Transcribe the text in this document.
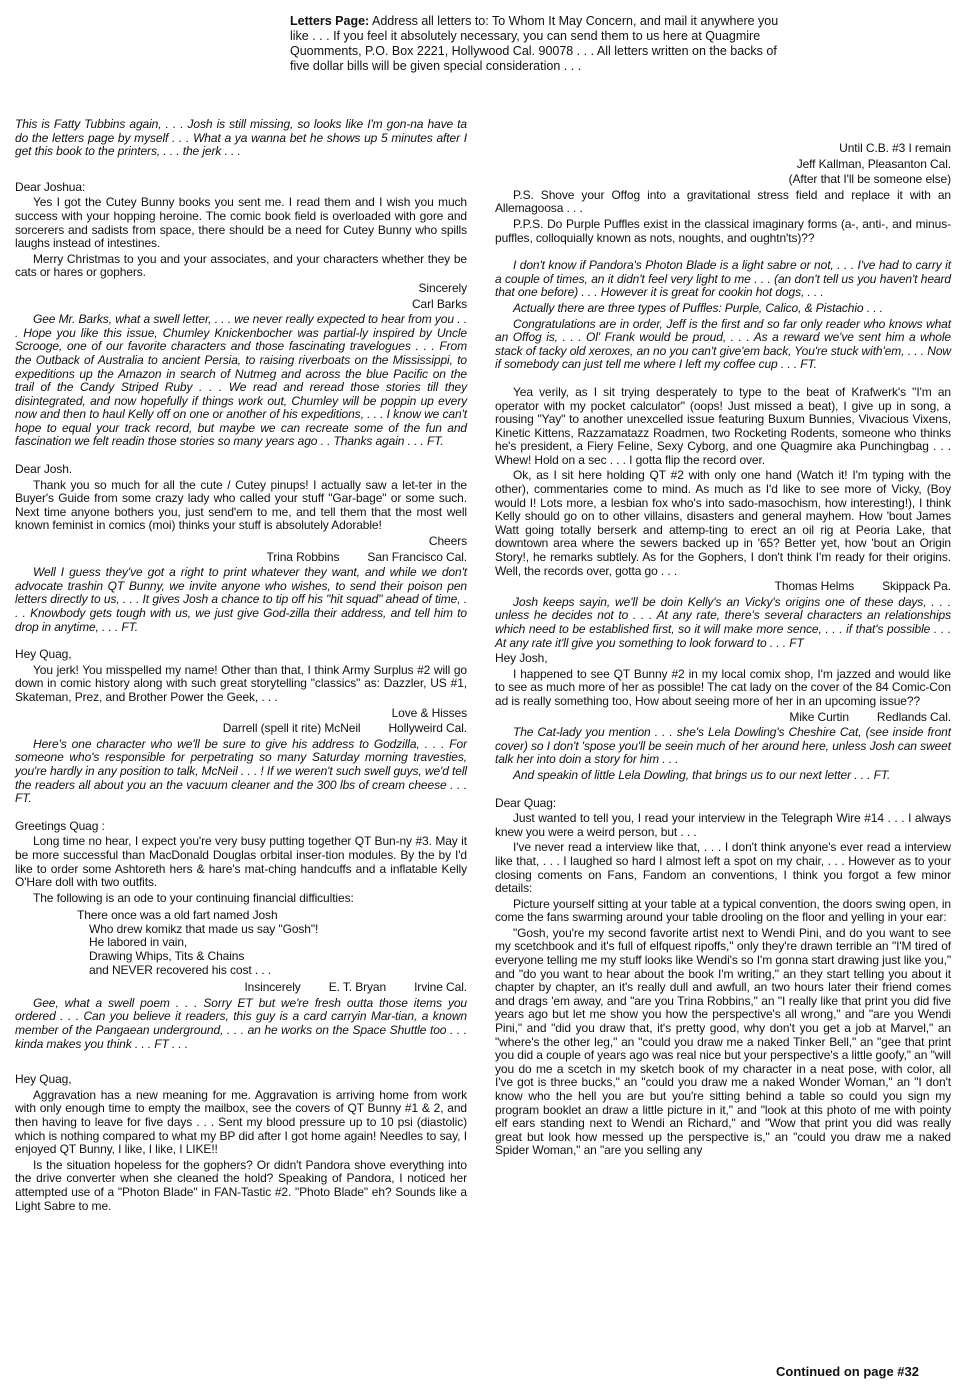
Letters Page: Address all letters to: To Whom It May Concern, and mail it anywhere you like . . . If you feel it absolutely necessary, you can send them to us here at Quagmire Quomments, P.O. Box 2221, Hollywood Cal. 90078 . . . All letters written on the backs of five dollar bills will be given special consideration . . .
This is Fatty Tubbins again, . . . Josh is still missing, so looks like I'm gon-na have ta do the letters page by myself . . . What a ya wanna bet he shows up 5 minutes after I get this book to the printers, . . . the jerk . . .
Dear Joshua:
Yes I got the Cutey Bunny books you sent me. I read them and I wish you much success with your hopping heroine. The comic book field is overloaded with gore and sorcerers and sadists from space, there should be a need for Cutey Bunny who spills laughs instead of intestines.
Merry Christmas to you and your associates, and your characters whether they be cats or hares or gophers.
Sincerely
Carl Barks
Gee Mr. Barks, what a swell letter, . . . we never really expected to hear from you . . . Hope you like this issue, Chumley Knickenbocher was partial-ly inspired by Uncle Scrooge, one of our favorite characters and those fascinating travelogues . . . From the Outback of Australia to ancient Persia, to raising riverboats on the Mississippi, to expeditions up the Amazon in search of Nutmeg and across the blue Pacific on the trail of the Candy Striped Ruby . . . We read and reread those stories till they disintegrated, and now hopefully if things work out, Chumley will be poppin up every now and then to haul Kelly off on one or another of his expeditions, . . . I know we can't hope to equal your track record, but maybe we can recreate some of the fun and fascination we felt readin those stories so many years ago . . Thanks again . . . FT.
Dear Josh.
Thank you so much for all the cute / Cutey pinups! I actually saw a let-ter in the Buyer's Guide from some crazy lady who called your stuff "Gar-bage" or some such. Next time anyone bothers you, just send'em to me, and tell them that the most well known feminist in comics (moi) thinks your stuff is absolutely Adorable!
Cheers
Trina Robbins San Francisco Cal.
Well I guess they've got a right to print whatever they want, and while we don't advocate trashin QT Bunny, we invite anyone who wishes, to send their poison pen letters directly to us, . . . It gives Josh a chance to tip off his "hit squad" ahead of time, . . . Knowbody gets tough with us, we just give God-zilla their address, and tell him to drop in anytime, . . . FT.
Hey Quag,
You jerk! You misspelled my name! Other than that, I think Army Surplus #2 will go down in comic history along with such great storytelling "classics" as: Dazzler, US #1, Skateman, Prez, and Brother Power the Geek, . . .
Love & Hisses
Darrell (spell it rite) McNeil Hollyweird Cal.
Here's one character who we'll be sure to give his address to Godzilla, . . . For someone who's responsible for perpetrating so many Saturday morning travesties, you're hardly in any position to talk, McNeil . . . ! If we weren't such swell guys, we'd tell the readers all about you an the vacuum cleaner and the 300 lbs of cream cheese . . . FT.
Greetings Quag :
Long time no hear, I expect you're very busy putting together QT Bun-ny #3. May it be more successful than MacDonald Douglas orbital inser-tion modules. By the by I'd like to order some Ashtoreth hers & hare's mat-ching handcuffs and a inflatable Kelly O'Hare doll with two outfits.
The following is an ode to your continuing financial difficulties:
There once was a old fart named Josh
Who drew komikz that made us say "Gosh"!
He labored in vain,
Drawing Whips, Tits & Chains
and NEVER recovered his cost . . .
Insincerely E. T. Bryan Irvine Cal.
Gee, what a swell poem . . . Sorry ET but we're fresh outta those items you ordered . . . Can you believe it readers, this guy is a card carryin Mar-tian, a known member of the Pangaean underground, . . . an he works on the Space Shuttle too . . . kinda makes you think . . . FT . . .
Hey Quag,
Aggravation has a new meaning for me. Aggravation is arriving home from work with only enough time to empty the mailbox, see the covers of QT Bunny #1 & 2, and then having to leave for five days . . . Sent my blood pressure up to 10 psi (diastolic) which is nothing compared to what my BP did after I got home again! Needles to say, I enjoyed QT Bunny, I like, I like, I LIKE!!
Is the situation hopeless for the gophers? Or didn't Pandora shove everything into the drive converter when she cleaned the hold? Speaking of Pandora, I noticed her attempted use of a "Photon Blade" in FAN-Tastic #2. "Photo Blade" eh? Sounds like a Light Sabre to me.
Until C.B. #3 I remain
Jeff Kallman, Pleasanton Cal.
(After that I'll be someone else)
P.S. Shove your Offog into a gravitational stress field and replace it with an Allemagoosa . . .
P.P.S. Do Purple Puffles exist in the classical imaginary forms (a-, anti-, and minus-puffles, colloquially known as nots, noughts, and oughtn'ts)??
I don't know if Pandora's Photon Blade is a light sabre or not, . . . I've had to carry it a couple of times, an it didn't feel very light to me . . . (an don't tell us you haven't heard that one before) . . . However it is great for cookin hot dogs, . . .
Actually there are three types of Puffles: Purple, Calico, & Pistachio . . .
Congratulations are in order, Jeff is the first and so far only reader who knows what an Offog is, . . . Ol' Frank would be proud, . . . As a reward we've sent him a whole stack of tacky old xeroxes, an no you can't give'em back, You're stuck with'em, . . . Now if somebody can just tell me where I left my coffee cup . . . FT.
Yea verily, as I sit trying desperately to type to the beat of Krafwerk's "I'm an operator with my pocket calculator" (oops! Just missed a beat), I give up in song, a rousing "Yay" to another unexcelled issue featuring Buxum Bunnies, Vivacious Vixens, Kinetic Kittens, Razzamatazz Roadmen, two Rocketing Rodents, someone who thinks he's president, a Fiery Feline, Sexy Cyborg, and one Quagmire aka Punchingbag . . . Whew! Hold on a sec . . . I gotta flip the record over.
Ok, as I sit here holding QT #2 with only one hand (Watch it! I'm typing with the other), commentaries come to mind. As much as I'd like to see more of Vicky, (Boy would I! Lots more, a lesbian fox who's into sado-masochism, how interesting!), I think Kelly should go on to other villains, disasters and general mayhem. How 'bout James Watt going totally berserk and attemp-ting to erect an oil rig at Peoria Lake, that downtown area where the sewers backed up in '65? Better yet, how 'bout an Origin Story!, he remarks subtlely. As for the Gophers, I don't think I'm ready for their origins. Well, the records over, gotta go . . .
Thomas Helms Skippack Pa.
Josh keeps sayin, we'll be doin Kelly's an Vicky's origins one of these days, . . . unless he decides not to . . . At any rate, there's several characters an relationships which need to be established first, so it will make more sence, . . . if that's possible . . . At any rate it'll give you something to look forward to . . . FT
Hey Josh,
I happened to see QT Bunny #2 in my local comix shop, I'm jazzed and would like to see as much more of her as possible! The cat lady on the cover of the 84 Comic-Con ad is really something too, How about seeing more of her in an upcoming issue??
Mike Curtin Redlands Cal.
The Cat-lady you mention . . . she's Lela Dowling's Cheshire Cat, (see inside front cover) so I don't 'spose you'll be seein much of her around here, unless Josh can sweet talk her into doin a story for him . . .
And speakin of little Lela Dowling, that brings us to our next letter . . . FT.
Dear Quag:
Just wanted to tell you, I read your interview in the Telegraph Wire #14 . . . I always knew you were a weird person, but . . .
I've never read a interview like that, . . . I don't think anyone's ever read a interview like that, . . . I laughed so hard I almost left a spot on my chair, . . . However as to your closing coments on Fans, Fandom an conventions, I think you forgot a few minor details:
Picture yourself sitting at your table at a typical convention, the doors swing open, in come the fans swarming around your table drooling on the floor and yelling in your ear:
"Gosh, you're my second favorite artist next to Wendi Pini, and do you want to see my scetchbook and it's full of elfquest ripoffs," only they're drawn terrible an "I'M tired of everyone telling me my stuff looks like Wendi's so I'm gonna start drawing just like you," and "do you want to hear about the book I'm writing," an they start telling you about it chapter by chapter, an it's really dull and awfull, an two hours later their friend comes and drags 'em away, and "are you Trina Robbins," an "I really like that print you did five years ago but let me show you how the perspective's all wrong," and "are you Wendi Pini," and "did you draw that, it's pretty good, why don't you get a job at Marvel," an "where's the other leg," an "could you draw me a naked Tinker Bell," an "gee that print you did a couple of years ago was real nice but your perspective's a little goofy," an "will you do me a scetch in my sketch book of my character in a neat pose, with color, all I've got is three bucks," an "could you draw me a naked Wonder Woman," an "I don't know who the hell you are but you're sitting behind a table so could you sign my program booklet an draw a little picture in it," and "look at this photo of me with pointy elf ears standing next to Wendi an Richard," and "Wow that print you did was really great but look how messed up the perspective is," an "could you draw me a naked Spider Woman," an "are you selling any
Continued on page #32
